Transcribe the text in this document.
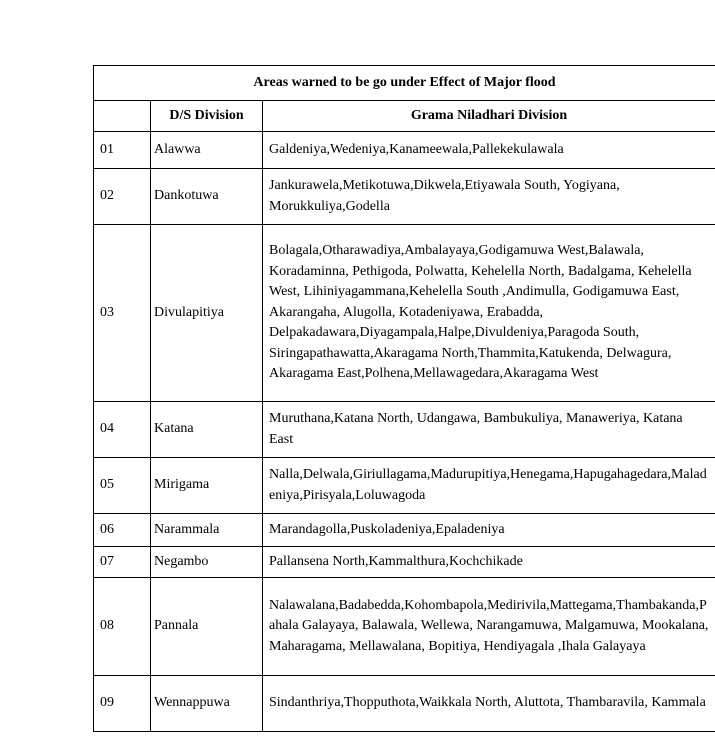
Areas warned to be go under Effect of Major flood		
	D/S Division	Grama Niladhari Division
01	Alawwa	Galdeniya,Wedeniya,Kanameewala,Pallekekulawala
02	Dankotuwa	Jankurawela,Metikotuwa,Dikwela,Etiyawala South, Yogiyana, Morukkuliya,Godella
03	Divulapitiya	Bolagala,Otharawadiya,Ambalayaya,Godigamuwa West,Balawala, Koradaminna, Pethigoda, Polwatta, Kehelella North, Badalgama, Kehelella West, Lihiniyagammana,Kehelella South ,Andimulla, Godigamuwa East, Akarangaha, Alugolla, Kotadeniyawa, Erabadda, Delpakadawara,Diyagampala,Halpe,Divuldeniya,Paragoda South, Siringapathawatta,Akaragama North,Thammita,Katukenda, Delwagura, Akaragama East,Polhena,Mellawagedara,Akaragama West
04	Katana	Muruthana,Katana North, Udangawa, Bambukuliya, Manaweriya, Katana East
05	Mirigama	Nalla,Delwala,Giriullagama,Madurupitiya,Henegama,Hapugahagedara,Maladeniya,Pirisyala,Loluwagoda
06	Narammala	Marandagolla,Puskoladeniya,Epaladeniya
07	Negambo	Pallansena North,Kammalthura,Kochchikade
08	Pannala	Nalawalana,Badabedda,Kohombapola,Medirivila,Mattegama,Thambakanda,Pahala Galayaya, Balawala, Wellewa, Narangamuwa, Malgamuwa, Mookalana, Maharagama, Mellawalana, Bopitiya, Hendiyagala ,Ihala Galayaya
09	Wennappuwa	Sindanthriya,Thopputhota,Waikkala North, Aluttota, Thambaravila, Kammala
